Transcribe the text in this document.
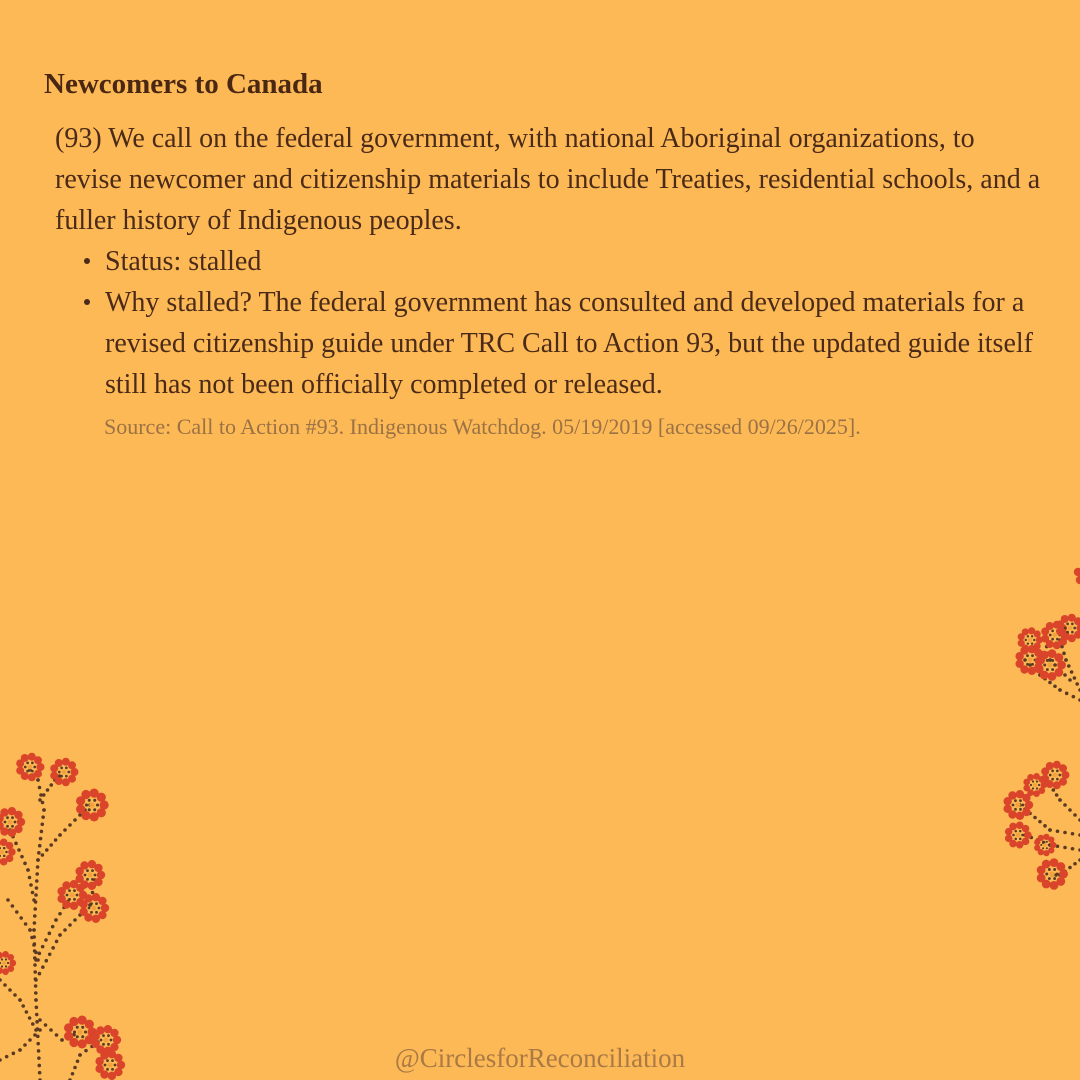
Newcomers to Canada

(93) We call on the federal government, with national Aboriginal organizations, to revise newcomer and citizenship materials to include Treaties, residential schools, and a fuller history of Indigenous peoples.

Status: stalled
Why stalled? The federal government has consulted and developed materials for a revised citizenship guide under TRC Call to Action 93, but the updated guide itself still has not been officially completed or released.
Source: Call to Action #93. Indigenous Watchdog. 05/19/2019 [accessed 09/26/2025].
@CirclesforReconciliation
